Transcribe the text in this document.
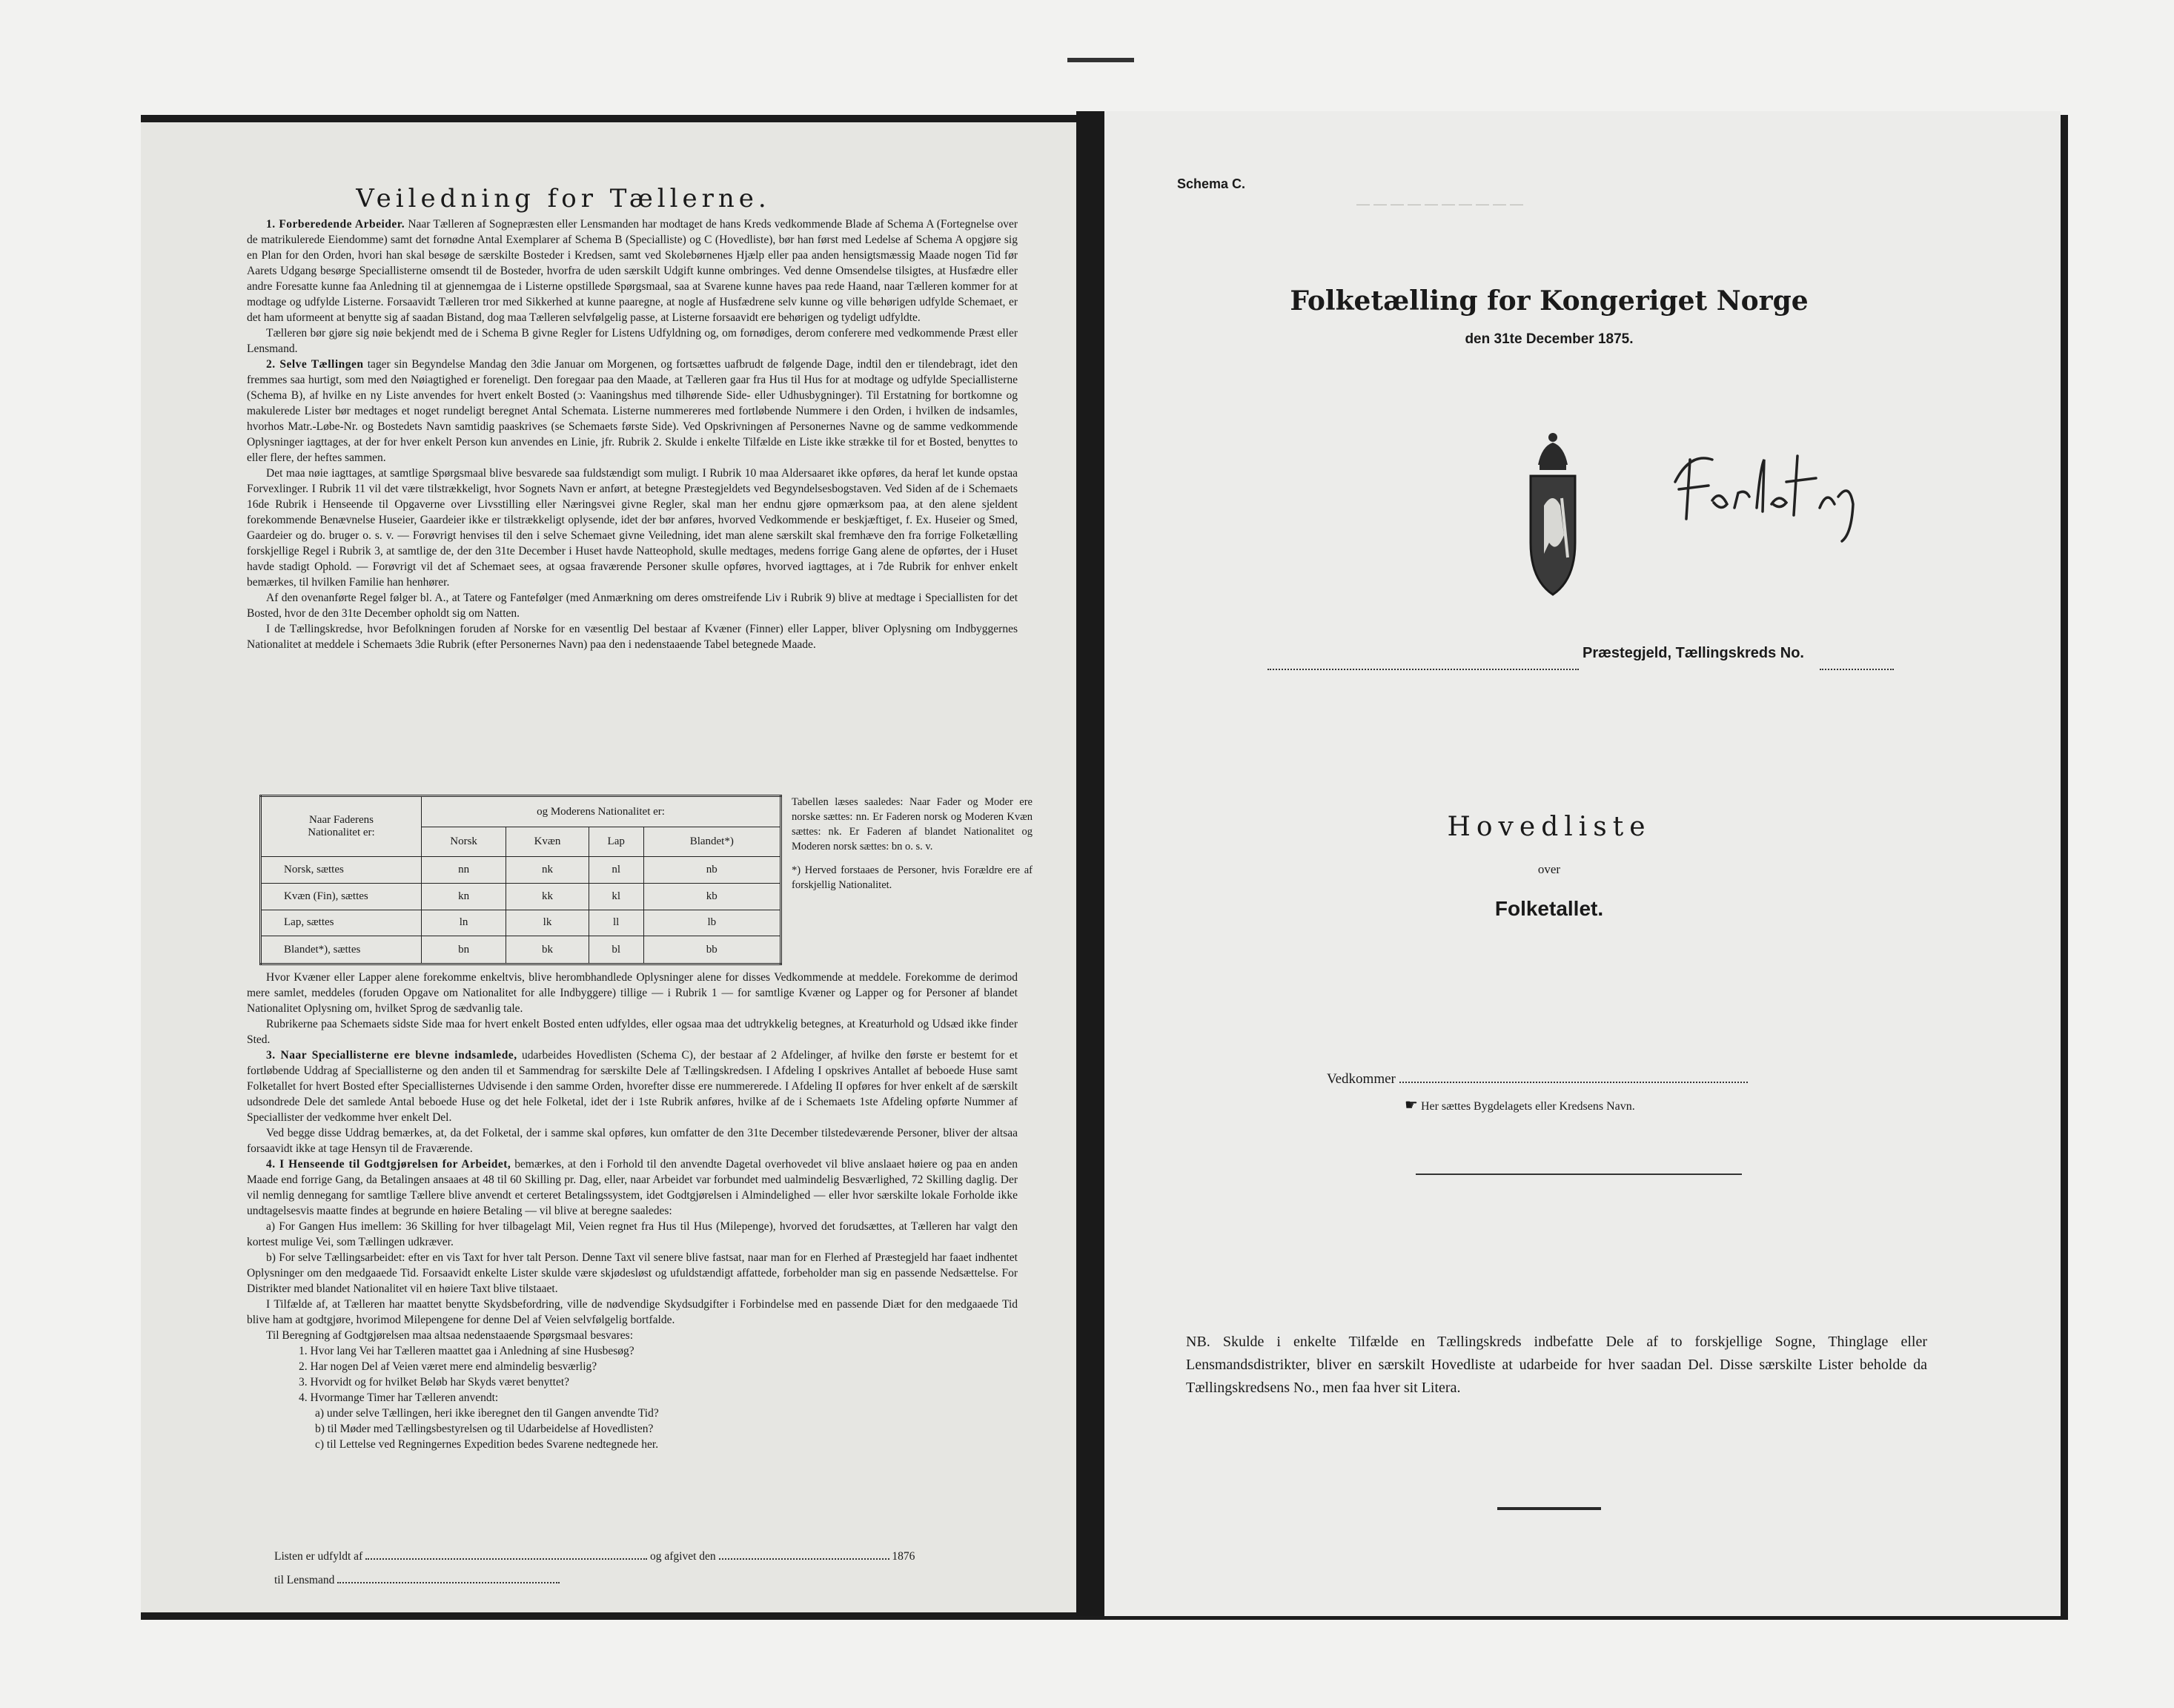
Veiledning for Tællerne.

1. Forberedende Arbeider. Naar Tælleren af Sognepræsten eller Lensmanden har modtaget de hans Kreds vedkommende Blade af Schema A (Fortegnelse over de matrikulerede Eiendomme) samt det fornødne Antal Exemplarer af Schema B (Specialliste) og C (Hovedliste), bør han først med Ledelse af Schema A opgjøre sig en Plan for den Orden, hvori han skal besøge de særskilte Bosteder i Kredsen, samt ved Skolebørnenes Hjælp eller paa anden hensigtsmæssig Maade nogen Tid før Aarets Udgang besørge Speciallisterne omsendt til de Bosteder, hvorfra de uden særskilt Udgift kunne ombringes. Ved denne Omsendelse tilsigtes, at Husfædre eller andre Foresatte kunne faa Anledning til at gjennemgaa de i Listerne opstillede Spørgsmaal, saa at Svarene kunne haves paa rede Haand, naar Tælleren kommer for at modtage og udfylde Listerne. Forsaavidt Tælleren tror med Sikkerhed at kunne paaregne, at nogle af Husfædrene selv kunne og ville behørigen udfylde Schemaet, er det ham uformeent at benytte sig af saadan Bistand, dog maa Tælleren selvfølgelig passe, at Listerne forsaavidt ere behørigen og tydeligt udfyldte.

Tælleren bør gjøre sig nøie bekjendt med de i Schema B givne Regler for Listens Udfyldning og, om fornødiges, derom conferere med vedkommende Præst eller Lensmand.

2. Selve Tællingen tager sin Begyndelse Mandag den 3die Januar om Morgenen, og fortsættes uafbrudt de følgende Dage, indtil den er tilendebragt, idet den fremmes saa hurtigt, som med den Nøiagtighed er foreneligt. Den foregaar paa den Maade, at Tælleren gaar fra Hus til Hus for at modtage og udfylde Speciallisterne (Schema B), af hvilke en ny Liste anvendes for hvert enkelt Bosted (ɔ: Vaaningshus med tilhørende Side- eller Udhusbygninger). Til Erstatning for bortkomne og makulerede Lister bør medtages et noget rundeligt beregnet Antal Schemata. Listerne nummereres med fortløbende Nummere i den Orden, i hvilken de indsamles, hvorhos Matr.-Løbe-Nr. og Bostedets Navn samtidig paaskrives (se Schemaets første Side). Ved Opskrivningen af Personernes Navne og de samme vedkommende Oplysninger iagttages, at der for hver enkelt Person kun anvendes en Linie, jfr. Rubrik 2. Skulde i enkelte Tilfælde en Liste ikke strække til for et Bosted, benyttes to eller flere, der heftes sammen.

Det maa nøie iagttages, at samtlige Spørgsmaal blive besvarede saa fuldstændigt som muligt. I Rubrik 10 maa Aldersaaret ikke opføres, da heraf let kunde opstaa Forvexlinger. I Rubrik 11 vil det være tilstrækkeligt, hvor Sognets Navn er anført, at betegne Præstegjeldets ved Begyndelsesbogstaven. Ved Siden af de i Schemaets 16de Rubrik i Henseende til Opgaverne over Livsstilling eller Næringsvei givne Regler, skal man her endnu gjøre opmærksom paa, at den alene sjeldent forekommende Benævnelse Huseier, Gaardeier ikke er tilstrækkeligt oplysende, idet der bør anføres, hvorved Vedkommende er beskjæftiget, f. Ex. Huseier og Smed, Gaardeier og do. bruger o. s. v. — Forøvrigt henvises til den i selve Schemaet givne Veiledning, idet man alene særskilt skal fremhæve den fra forrige Folketælling forskjellige Regel i Rubrik 3, at samtlige de, der den 31te December i Huset havde Natteophold, skulle medtages, medens forrige Gang alene de opførtes, der i Huset havde stadigt Ophold. — Forøvrigt vil det af Schemaet sees, at ogsaa fraværende Personer skulle opføres, hvorved iagttages, at i 7de Rubrik for enhver enkelt bemærkes, til hvilken Familie han henhører.

Af den ovenanførte Regel følger bl. A., at Tatere og Fantefølger (med Anmærkning om deres omstreifende Liv i Rubrik 9) blive at medtage i Speciallisten for det Bosted, hvor de den 31te December opholdt sig om Natten.

I de Tællingskredse, hvor Befolkningen foruden af Norske for en væsentlig Del bestaar af Kvæner (Finner) eller Lapper, bliver Oplysning om Indbyggernes Nationalitet at meddele i Schemaets 3die Rubrik (efter Personernes Navn) paa den i nedenstaaende Tabel betegnede Maade.

Naar Faderens
Nationalitet er:	og Moderens Nationalitet er:			
	Norsk	Kvæn	Lap	Blandet*)
Norsk, sættes	nn	nk	nl	nb
Kvæn (Fin), sættes	kn	kk	kl	kb
Lap, sættes	ln	lk	ll	lb
Blandet*), sættes	bn	bk	bl	bb
Tabellen læses saaledes: Naar Fader og Moder ere norske sættes: nn. Er Faderen norsk og Moderen Kvæn sættes: nk. Er Faderen af blandet Nationalitet og Moderen norsk sættes: bn o. s. v.
*) Herved forstaaes de Personer, hvis Forældre ere af forskjellig Nationalitet.

Hvor Kvæner eller Lapper alene forekomme enkeltvis, blive herombhandlede Oplysninger alene for disses Vedkommende at meddele. Forekomme de derimod mere samlet, meddeles (foruden Opgave om Nationalitet for alle Indbyggere) tillige — i Rubrik 1 — for samtlige Kvæner og Lapper og for Personer af blandet Nationalitet Oplysning om, hvilket Sprog de sædvanlig tale.

Rubrikerne paa Schemaets sidste Side maa for hvert enkelt Bosted enten udfyldes, eller ogsaa maa det udtrykkelig betegnes, at Kreaturhold og Udsæd ikke finder Sted.

3. Naar Speciallisterne ere blevne indsamlede, udarbeides Hovedlisten (Schema C), der bestaar af 2 Afdelinger, af hvilke den første er bestemt for et fortløbende Uddrag af Speciallisterne og den anden til et Sammendrag for særskilte Dele af Tællingskredsen. I Afdeling I opskrives Antallet af beboede Huse samt Folketallet for hvert Bosted efter Speciallisternes Udvisende i den samme Orden, hvorefter disse ere nummererede. I Afdeling II opføres for hver enkelt af de særskilt udsondrede Dele det samlede Antal beboede Huse og det hele Folketal, idet der i 1ste Rubrik anføres, hvilke af de i Schemaets 1ste Afdeling opførte Nummer af Speciallister der vedkomme hver enkelt Del.

Ved begge disse Uddrag bemærkes, at, da det Folketal, der i samme skal opføres, kun omfatter de den 31te December tilstedeværende Personer, bliver der altsaa forsaavidt ikke at tage Hensyn til de Fraværende.

4. I Henseende til Godtgjørelsen for Arbeidet, bemærkes, at den i Forhold til den anvendte Dagetal overhovedet vil blive anslaaet høiere og paa en anden Maade end forrige Gang, da Betalingen ansaaes at 48 til 60 Skilling pr. Dag, eller, naar Arbeidet var forbundet med ualmindelig Besværlighed, 72 Skilling daglig. Der vil nemlig dennegang for samtlige Tællere blive anvendt et certeret Betalingssystem, idet Godtgjørelsen i Almindelighed — eller hvor særskilte lokale Forholde ikke undtagelsesvis maatte findes at begrunde en høiere Betaling — vil blive at beregne saaledes:

a) For Gangen Hus imellem: 36 Skilling for hver tilbagelagt Mil, Veien regnet fra Hus til Hus (Milepenge), hvorved det forudsættes, at Tælleren har valgt den kortest mulige Vei, som Tællingen udkræver.

b) For selve Tællingsarbeidet: efter en vis Taxt for hver talt Person. Denne Taxt vil senere blive fastsat, naar man for en Flerhed af Præstegjeld har faaet indhentet Oplysninger om den medgaaede Tid. Forsaavidt enkelte Lister skulde være skjødesløst og ufuldstændigt affattede, forbeholder man sig en passende Nedsættelse. For Distrikter med blandet Nationalitet vil en høiere Taxt blive tilstaaet.

I Tilfælde af, at Tælleren har maattet benytte Skydsbefordring, ville de nødvendige Skydsudgifter i Forbindelse med en passende Diæt for den medgaaede Tid blive ham at godtgjøre, hvorimod Milepengene for denne Del af Veien selvfølgelig bortfalde.

Til Beregning af Godtgjørelsen maa altsaa nedenstaaende Spørgsmaal besvares:

1. Hvor lang Vei har Tælleren maattet gaa i Anledning af sine Husbesøg?
2. Har nogen Del af Veien været mere end almindelig besværlig?
3. Hvorvidt og for hvilket Beløb har Skyds været benyttet?
4. Hvormange Timer har Tælleren anvendt:
a) under selve Tællingen, heri ikke iberegnet den til Gangen anvendte Tid?
b) til Møder med Tællingsbestyrelsen og til Udarbeidelse af Hovedlisten?
c) til Lettelse ved Regningernes Expedition bedes Svarene nedtegnede her.
Listen er udfyldt af	og afgivet den	1876
til Lensmand
— — — — — — — — — —
Schema C.
Folketælling for Kongeriget Norge
den 31te December 1875.
Præstegjeld, Tællingskreds No.
Hovedliste
over
Folketallet.
Vedkommer
☛ Her sættes Bygdelagets eller Kredsens Navn.
NB. Skulde i enkelte Tilfælde en Tællingskreds indbefatte Dele af to forskjellige Sogne, Thinglage eller Lensmandsdistrikter, bliver en særskilt Hovedliste at udarbeide for hver saadan Del. Disse særskilte Lister beholde da Tællingskredsens No., men faa hver sit Litera.
